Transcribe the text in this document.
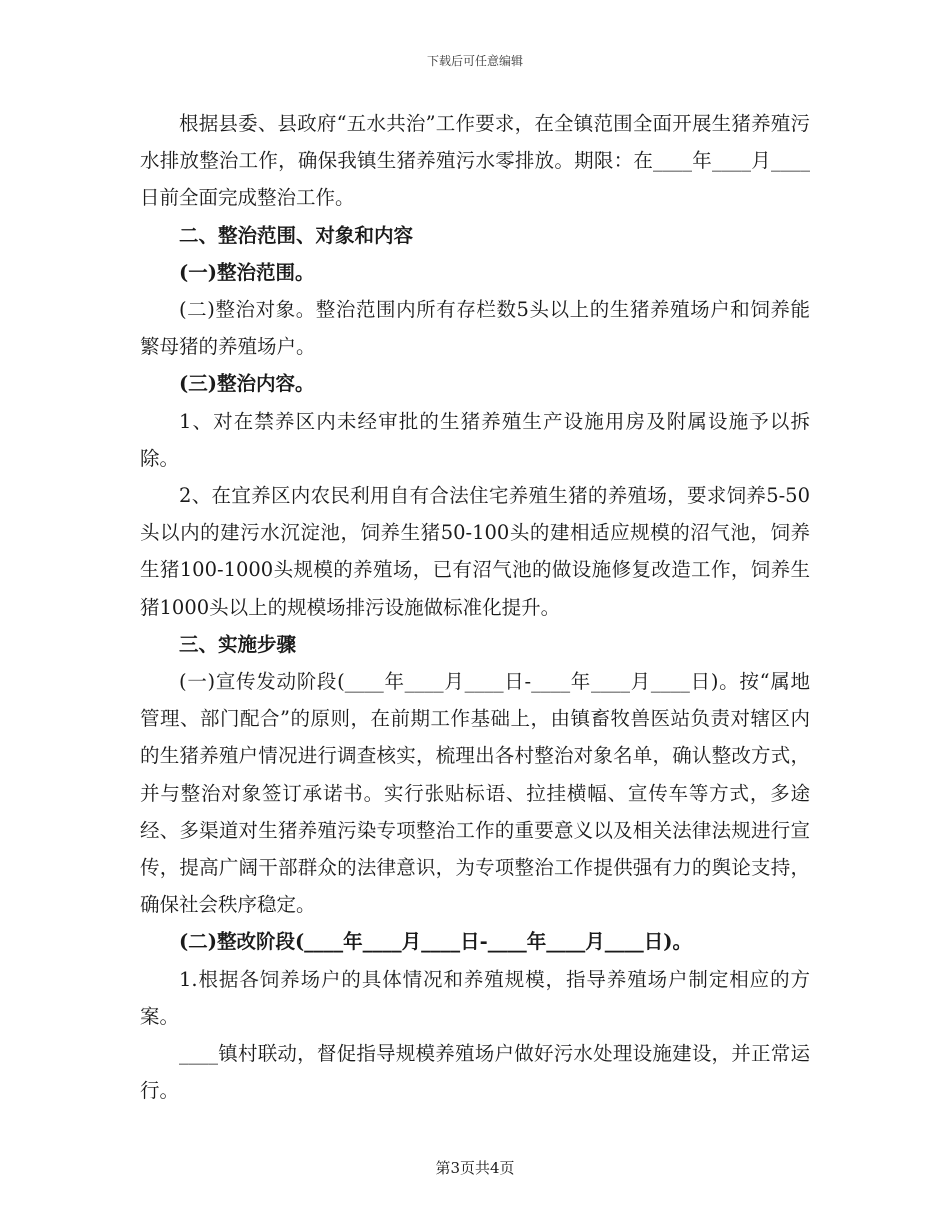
下载后可任意编辑

根据县委、县政府“五水共治”工作要求，在全镇范围全面开展生猪养殖污水排放整治工作，确保我镇生猪养殖污水零排放。期限：在____年____月____日前全面完成整治工作。

二、整治范围、对象和内容

(一)整治范围。

(二)整治对象。整治范围内所有存栏数5头以上的生猪养殖场户和饲养能繁母猪的养殖场户。

(三)整治内容。

1、对在禁养区内未经审批的生猪养殖生产设施用房及附属设施予以拆除。

2、在宜养区内农民利用自有合法住宅养殖生猪的养殖场，要求饲养5-50头以内的建污水沉淀池，饲养生猪50-100头的建相适应规模的沼气池，饲养生猪100-1000头规模的养殖场，已有沼气池的做设施修复改造工作，饲养生猪1000头以上的规模场排污设施做标准化提升。

三、实施步骤

(一)宣传发动阶段(____年____月____日-____年____月____日)。按“属地管理、部门配合”的原则，在前期工作基础上，由镇畜牧兽医站负责对辖区内的生猪养殖户情况进行调查核实，梳理出各村整治对象名单，确认整改方式，并与整治对象签订承诺书。实行张贴标语、拉挂横幅、宣传车等方式，多途经、多渠道对生猪养殖污染专项整治工作的重要意义以及相关法律法规进行宣传，提高广阔干部群众的法律意识，为专项整治工作提供强有力的舆论支持，确保社会秩序稳定。

(二)整改阶段(____年____月____日-____年____月____日)。

1.根据各饲养场户的具体情况和养殖规模，指导养殖场户制定相应的方案。

____镇村联动，督促指导规模养殖场户做好污水处理设施建设，并正常运行。

第3页共4页
